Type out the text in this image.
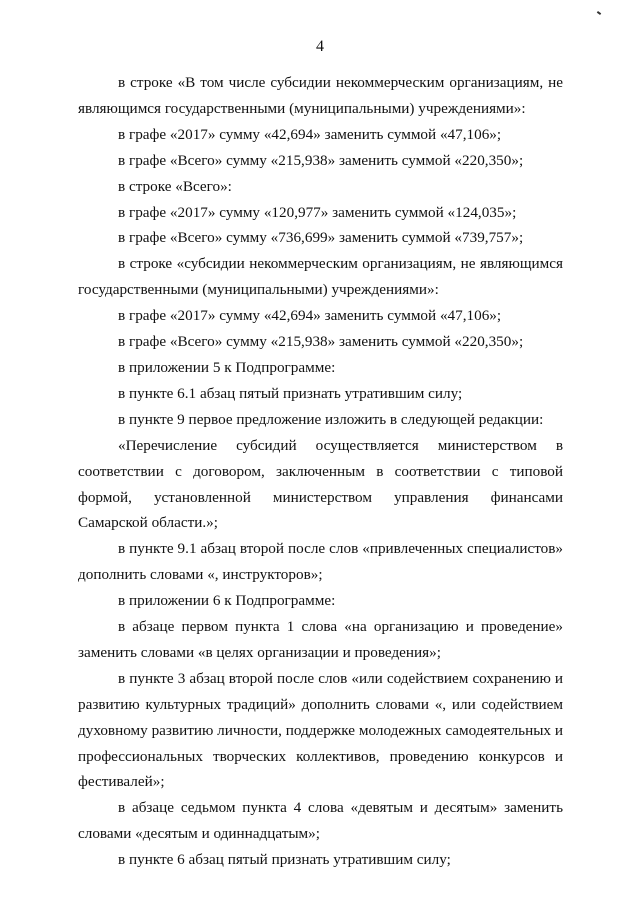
4

в строке «В том числе субсидии некоммерческим организациям, не являющимся государственными (муниципальными) учреждениями»:

в графе «2017» сумму «42,694» заменить суммой «47,106»;

в графе «Всего» сумму «215,938» заменить суммой «220,350»;

в строке «Всего»:

в графе «2017» сумму «120,977» заменить суммой «124,035»;

в графе «Всего» сумму «736,699» заменить суммой «739,757»;

в строке «субсидии некоммерческим организациям, не являющимся государственными (муниципальными) учреждениями»:

в графе «2017» сумму «42,694» заменить суммой «47,106»;

в графе «Всего» сумму «215,938» заменить суммой «220,350»;

в приложении 5 к Подпрограмме:

в пункте 6.1 абзац пятый признать утратившим силу;

в пункте 9 первое предложение изложить в следующей редакции:

«Перечисление субсидий осуществляется министерством в соответствии с договором, заключенным в соответствии с типовой формой, установленной министерством управления финансами Самарской области.»;

в пункте 9.1 абзац второй после слов «привлеченных специалистов» дополнить словами «, инструкторов»;

в приложении 6 к Подпрограмме:

в абзаце первом пункта 1 слова «на организацию и проведение» заменить словами «в целях организации и проведения»;

в пункте 3 абзац второй после слов «или содействием сохранению и развитию культурных традиций» дополнить словами «, или содействием духовному развитию личности, поддержке молодежных самодеятельных и профессиональных творческих коллективов, проведению конкурсов и фестивалей»;

в абзаце седьмом пункта 4 слова «девятым и десятым» заменить словами «десятым и одиннадцатым»;

в пункте 6 абзац пятый признать утратившим силу;
